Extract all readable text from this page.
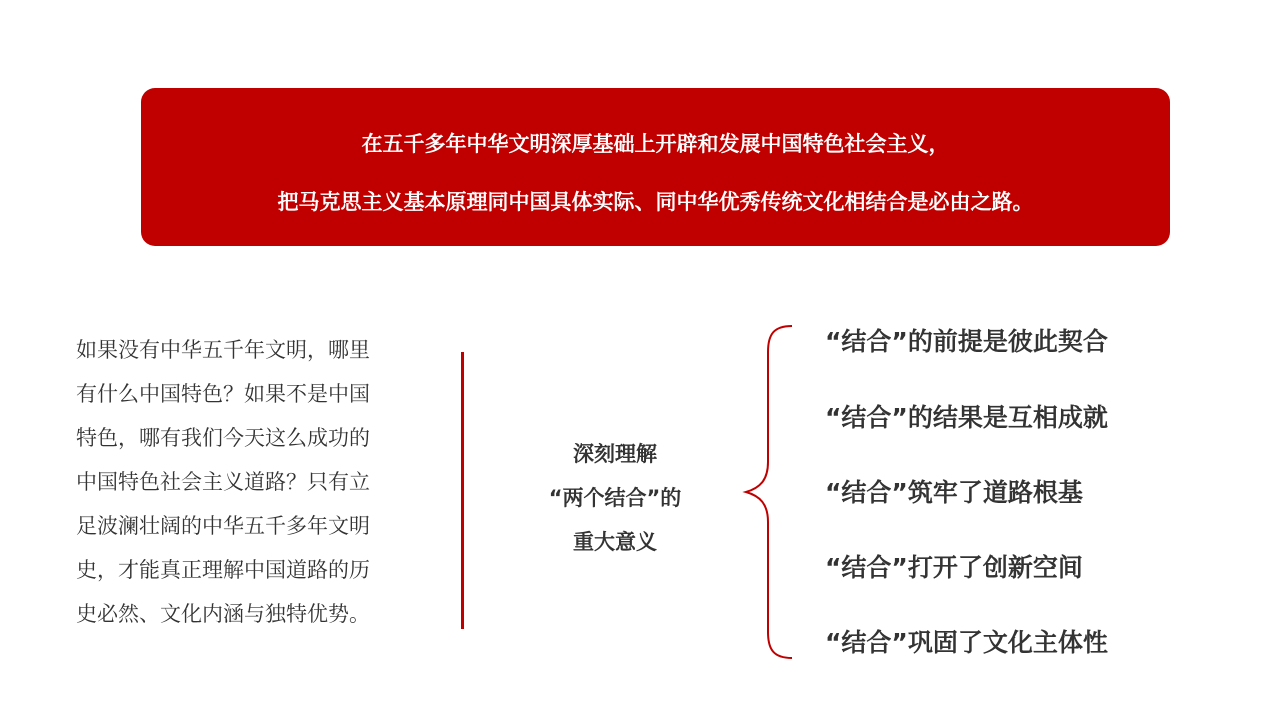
在五千多年中华文明深厚基础上开辟和发展中国特色社会主义，
把马克思主义基本原理同中国具体实际、同中华优秀传统文化相结合是必由之路。
如果没有中华五千年文明，哪里
有什么中国特色？如果不是中国
特色，哪有我们今天这么成功的
中国特色社会主义道路？只有立
足波澜壮阔的中华五千多年文明
史，才能真正理解中国道路的历
史必然、文化内涵与独特优势。
深刻理解
“两个结合”的
重大意义
“结合”的前提是彼此契合
“结合”的结果是互相成就
“结合”筑牢了道路根基
“结合”打开了创新空间
“结合”巩固了文化主体性
